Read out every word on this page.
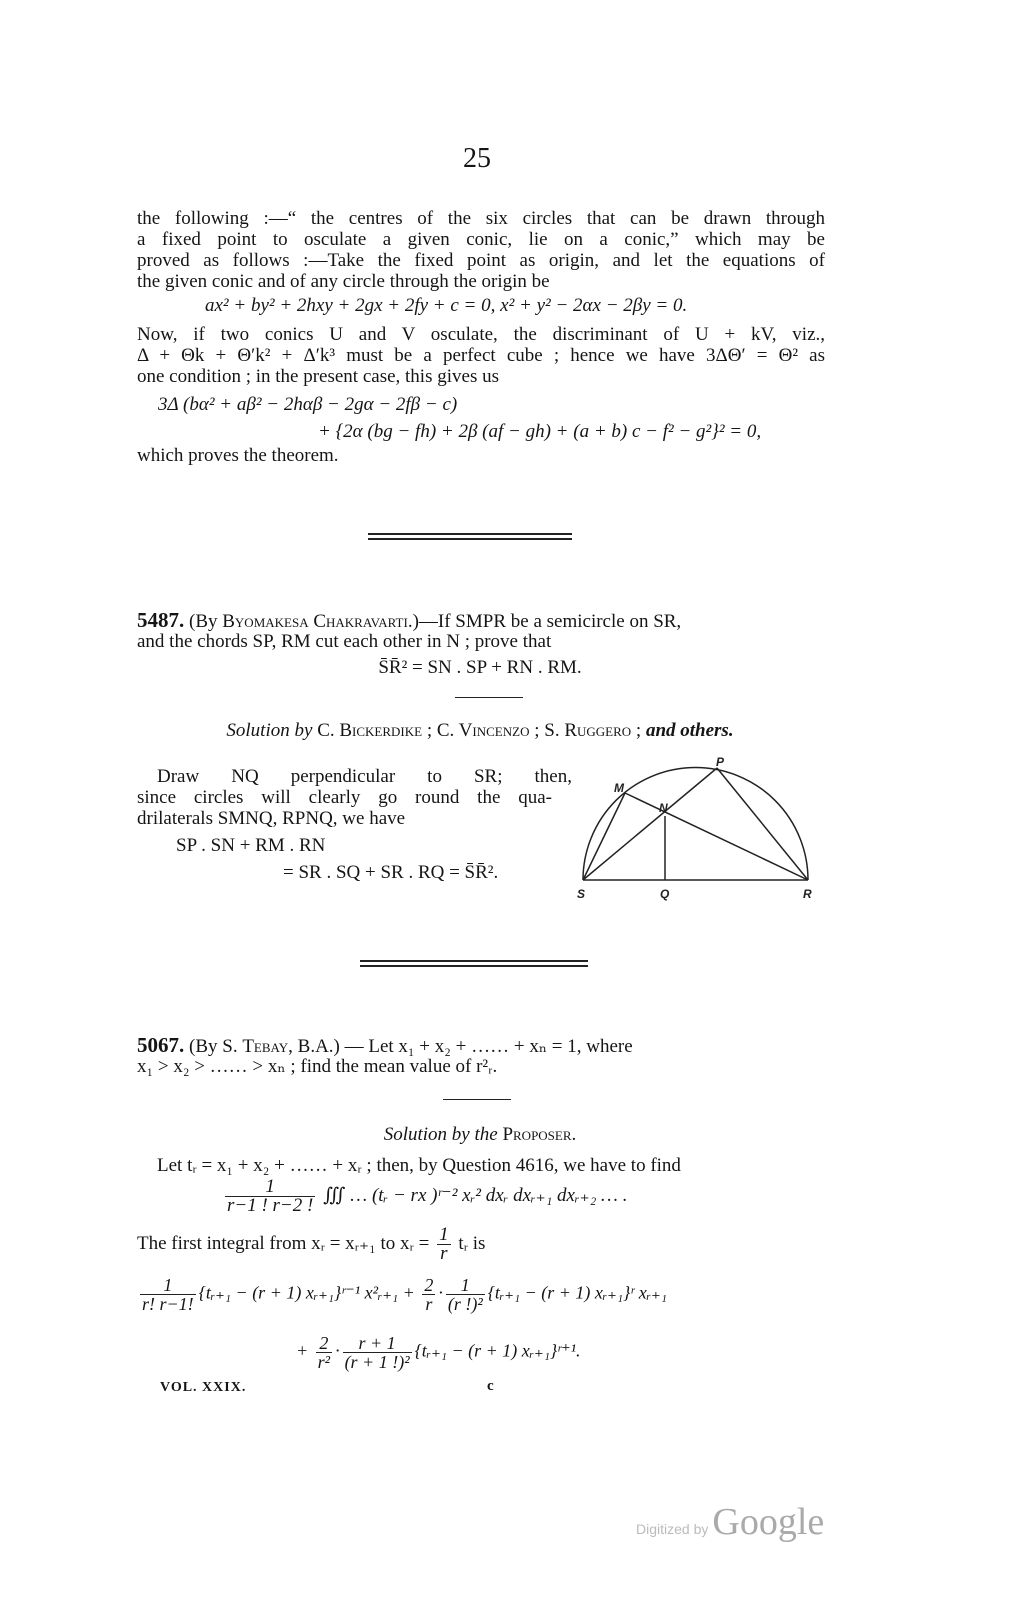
25
the following :—“ the centres of the six circles that can be drawn through
a fixed point to osculate a given conic, lie on a conic,” which may be
proved as follows :—Take the fixed point as origin, and let the equations of
the given conic and of any circle through the origin be
ax² + by² + 2hxy + 2gx + 2fy + c = 0, x² + y² − 2αx − 2βy = 0.
Now, if two conics U and V osculate, the discriminant of U + kV, viz.,
Δ + Θk + Θ′k² + Δ′k³ must be a perfect cube ; hence we have 3ΔΘ′ = Θ² as
one condition ; in the present case, this gives us
3Δ (bα² + aβ² − 2hαβ − 2gα − 2fβ − c)
+ {2α (bg − fh) + 2β (af − gh) + (a + b) c − f² − g²}² = 0,
which proves the theorem.
5487. (By Byomakesa Chakravarti.)—If SMPR be a semicircle on SR,
and the chords SP, RM cut each other in N ; prove that
S̄R̄² = SN . SP + RN . RM.
Solution by C. Bickerdike ; C. Vincenzo ; S. Ruggero ; and others.
Draw NQ perpendicular to SR; then,
since circles will clearly go round the qua-
drilaterals SMNQ, RPNQ, we have
SP . SN + RM . RN
= SR . SQ + SR . RQ = S̄R̄².
S	Q	R
M
N
P
5067. (By S. Tebay, B.A.) — Let x₁ + x₂ + …… + xₙ = 1, where
x₁ > x₂ > …… > xₙ ; find the mean value of r²ᵣ.
Solution by the Proposer.
Let tᵣ = x₁ + x₂ + …… + xᵣ ; then, by Question 4616, we have to find
$\frac{1}{r-1 ! r-2 !}$ ∭ … (tᵣ − rx )ʳ⁻² xᵣ² dxᵣ dxᵣ₊₁ dxᵣ₊₂ … .
The first integral from xᵣ = xᵣ₊₁ to xᵣ = $\frac{1}{r}$ tᵣ is
$\frac{1}{r! r-1!}$ {tᵣ₊₁ − (r + 1) xᵣ₊₁}ʳ⁻¹ x²ᵣ₊₁ + $\frac{2}{r} \cdot \frac{1}{\text{(r !)²}}$ {tᵣ₊₁ − (r + 1) xᵣ₊₁}ʳ xᵣ₊₁
+ $\frac{2}{\text{r²}} \cdot \frac{r + 1}{\text{(r + 1 !)²}}$ {tᵣ₊₁ − (r + 1) xᵣ₊₁}ʳ⁺¹.
VOL. XXIX.	c
Digitized by Google
